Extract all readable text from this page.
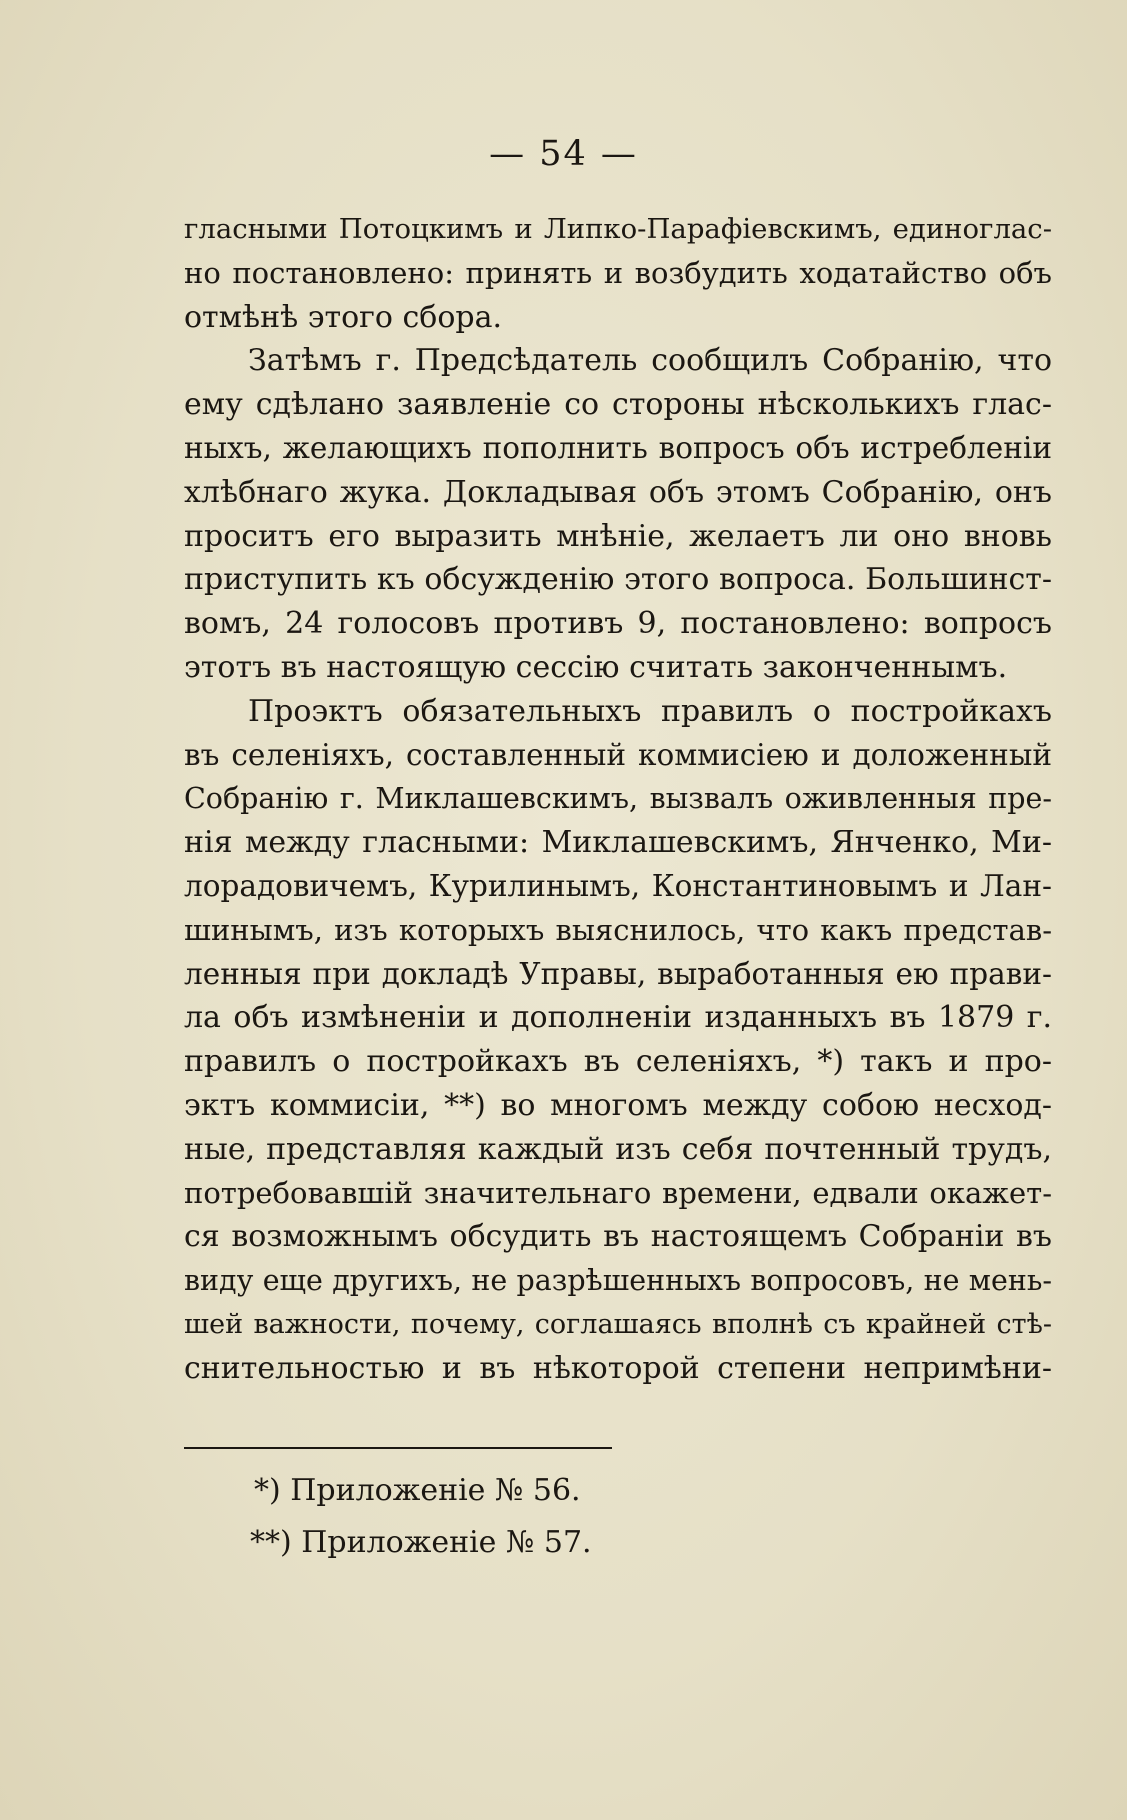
— 54 —

гласными Потоцкимъ и Липко-Парафіевскимъ, единоглас-
но постановлено: принять и возбудить ходатайство объ
отмѣнѣ этого сбора.

Затѣмъ г. Предсѣдатель сообщилъ Собранію, что
ему сдѣлано заявленіе со стороны нѣсколькихъ глас-
ныхъ, желающихъ пополнить вопросъ объ истребленіи
хлѣбнаго жука. Докладывая объ этомъ Собранію, онъ
проситъ его выразить мнѣніе, желаетъ ли оно вновь
приступить къ обсужденію этого вопроса. Большинст-
вомъ, 24 голосовъ противъ 9, постановлено: вопросъ
этотъ въ настоящую сессію считать законченнымъ.

Проэктъ обязательныхъ правилъ о постройкахъ
въ селеніяхъ, составленный коммисіею и доложенный
Собранію г. Миклашевскимъ, вызвалъ оживленныя пре-
нія между гласными: Миклашевскимъ, Янченко, Ми-
лорадовичемъ, Курилинымъ, Константиновымъ и Лан-
шинымъ, изъ которыхъ выяснилось, что какъ представ-
ленныя при докладѣ Управы, выработанныя ею прави-
ла объ измѣненіи и дополненіи изданныхъ въ 1879 г.
правилъ о постройкахъ въ селеніяхъ, *) такъ и про-
эктъ коммисіи, **) во многомъ между собою несход-
ные, представляя каждый изъ себя почтенный трудъ,
потребовавшій значительнаго времени, едвали окажет-
ся возможнымъ обсудить въ настоящемъ Собраніи въ
виду еще другихъ, не разрѣшенныхъ вопросовъ, не мень-
шей важности, почему, соглашаясь вполнѣ съ крайней стѣ-
снительностью и въ нѣкоторой степени непримѣни-

*) Приложеніе № 56.
**) Приложеніе № 57.
